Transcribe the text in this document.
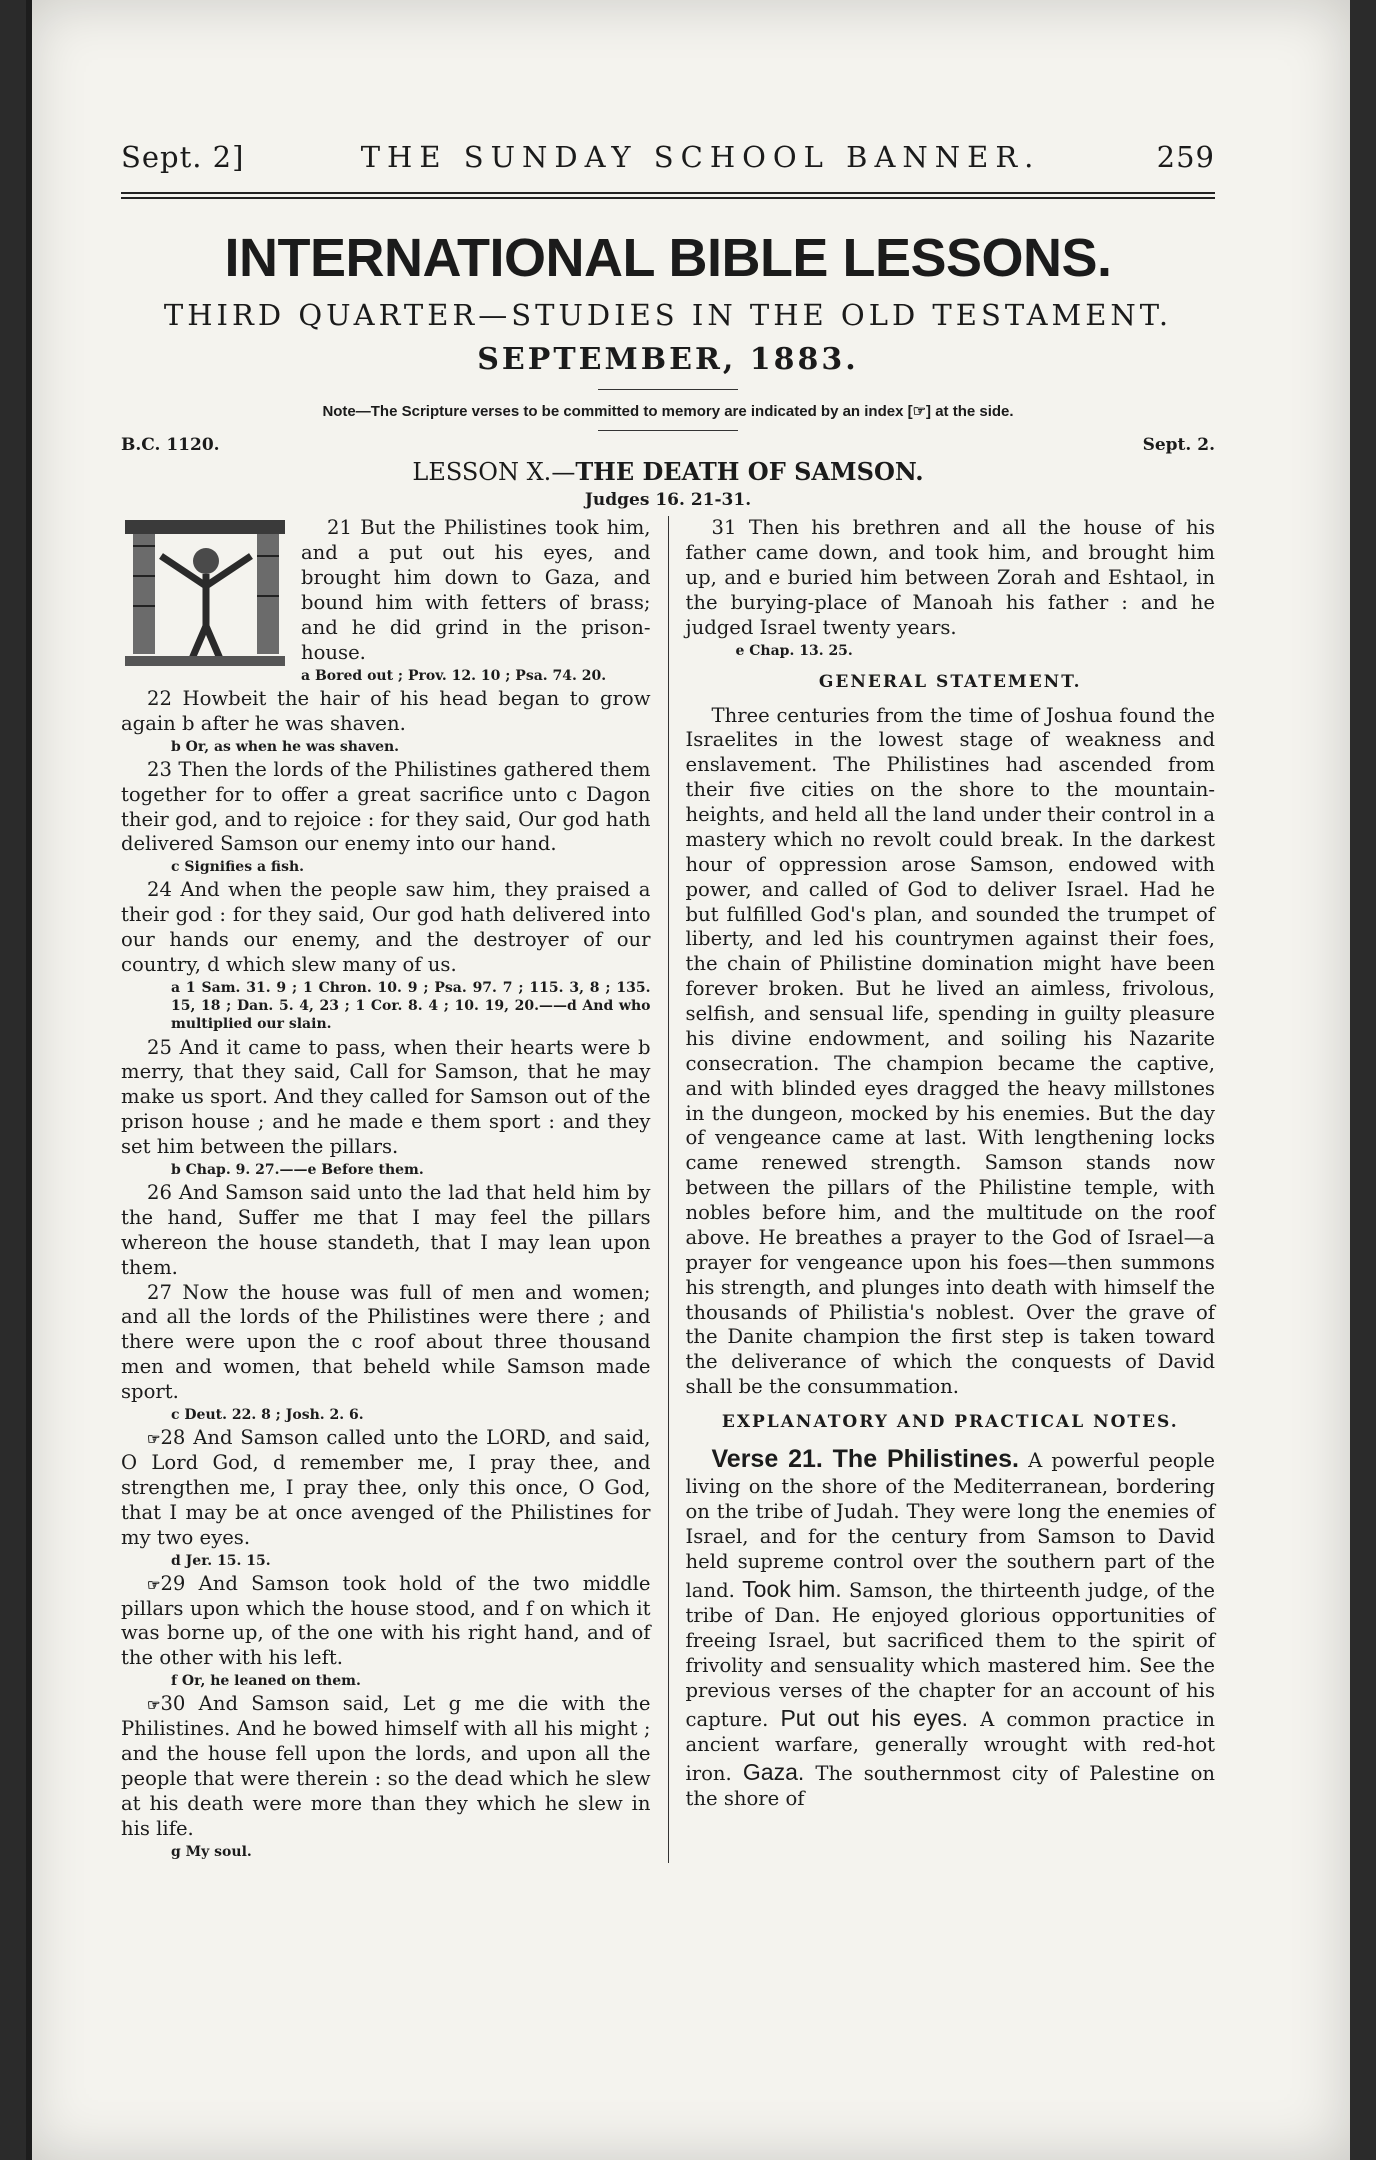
Sept. 2]	THE SUNDAY SCHOOL BANNER.	259
INTERNATIONAL BIBLE LESSONS.
THIRD QUARTER—STUDIES IN THE OLD TESTAMENT.
SEPTEMBER, 1883.
Note—The Scripture verses to be committed to memory are indicated by an index [☞] at the side.
B.C. 1120.	Sept. 2.
LESSON X.—THE DEATH OF SAMSON.
Judges 16. 21-31.

21 But the Philistines took him, and a put out his eyes, and brought him down to Gaza, and bound him with fetters of brass; and he did grind in the prison-house.

a Bored out ; Prov. 12. 10 ; Psa. 74. 20.

22 Howbeit the hair of his head began to grow again b after he was shaven.

b Or, as when he was shaven.

23 Then the lords of the Philistines gathered them together for to offer a great sacrifice unto c Dagon their god, and to rejoice : for they said, Our god hath delivered Samson our enemy into our hand.

c Signifies a fish.

24 And when the people saw him, they praised a their god : for they said, Our god hath delivered into our hands our enemy, and the destroyer of our country, d which slew many of us.

a 1 Sam. 31. 9 ; 1 Chron. 10. 9 ; Psa. 97. 7 ; 115. 3, 8 ; 135. 15, 18 ; Dan. 5. 4, 23 ; 1 Cor. 8. 4 ; 10. 19, 20.——d And who multiplied our slain.

25 And it came to pass, when their hearts were b merry, that they said, Call for Samson, that he may make us sport. And they called for Samson out of the prison house ; and he made e them sport : and they set him between the pillars.

b Chap. 9. 27.——e Before them.

26 And Samson said unto the lad that held him by the hand, Suffer me that I may feel the pillars whereon the house standeth, that I may lean upon them.

27 Now the house was full of men and women; and all the lords of the Philistines were there ; and there were upon the c roof about three thousand men and women, that beheld while Samson made sport.

c Deut. 22. 8 ; Josh. 2. 6.

☞28 And Samson called unto the LORD, and said, O Lord God, d remember me, I pray thee, and strengthen me, I pray thee, only this once, O God, that I may be at once avenged of the Philistines for my two eyes.

d Jer. 15. 15.

☞29 And Samson took hold of the two middle pillars upon which the house stood, and f on which it was borne up, of the one with his right hand, and of the other with his left.

f Or, he leaned on them.

☞30 And Samson said, Let g me die with the Philistines. And he bowed himself with all his might ; and the house fell upon the lords, and upon all the people that were therein : so the dead which he slew at his death were more than they which he slew in his life.

g My soul.

31 Then his brethren and all the house of his father came down, and took him, and brought him up, and e buried him between Zorah and Eshtaol, in the burying-place of Manoah his father : and he judged Israel twenty years.

e Chap. 13. 25.

GENERAL STATEMENT.

Three centuries from the time of Joshua found the Israelites in the lowest stage of weakness and enslavement. The Philistines had ascended from their five cities on the shore to the mountain-heights, and held all the land under their control in a mastery which no revolt could break. In the darkest hour of oppression arose Samson, endowed with power, and called of God to deliver Israel. Had he but fulfilled God's plan, and sounded the trumpet of liberty, and led his countrymen against their foes, the chain of Philistine domination might have been forever broken. But he lived an aimless, frivolous, selfish, and sensual life, spending in guilty pleasure his divine endowment, and soiling his Nazarite consecration. The champion became the captive, and with blinded eyes dragged the heavy millstones in the dungeon, mocked by his enemies. But the day of vengeance came at last. With lengthening locks came renewed strength. Samson stands now between the pillars of the Philistine temple, with nobles before him, and the multitude on the roof above. He breathes a prayer to the God of Israel—a prayer for vengeance upon his foes—then summons his strength, and plunges into death with himself the thousands of Philistia's noblest. Over the grave of the Danite champion the first step is taken toward the deliverance of which the conquests of David shall be the consummation.

EXPLANATORY AND PRACTICAL NOTES.

Verse 21. The Philistines. A powerful people living on the shore of the Mediterranean, bordering on the tribe of Judah. They were long the enemies of Israel, and for the century from Samson to David held supreme control over the southern part of the land. Took him. Samson, the thirteenth judge, of the tribe of Dan. He enjoyed glorious opportunities of freeing Israel, but sacrificed them to the spirit of frivolity and sensuality which mastered him. See the previous verses of the chapter for an account of his capture. Put out his eyes. A common practice in ancient warfare, generally wrought with red-hot iron. Gaza. The southernmost city of Palestine on the shore of
